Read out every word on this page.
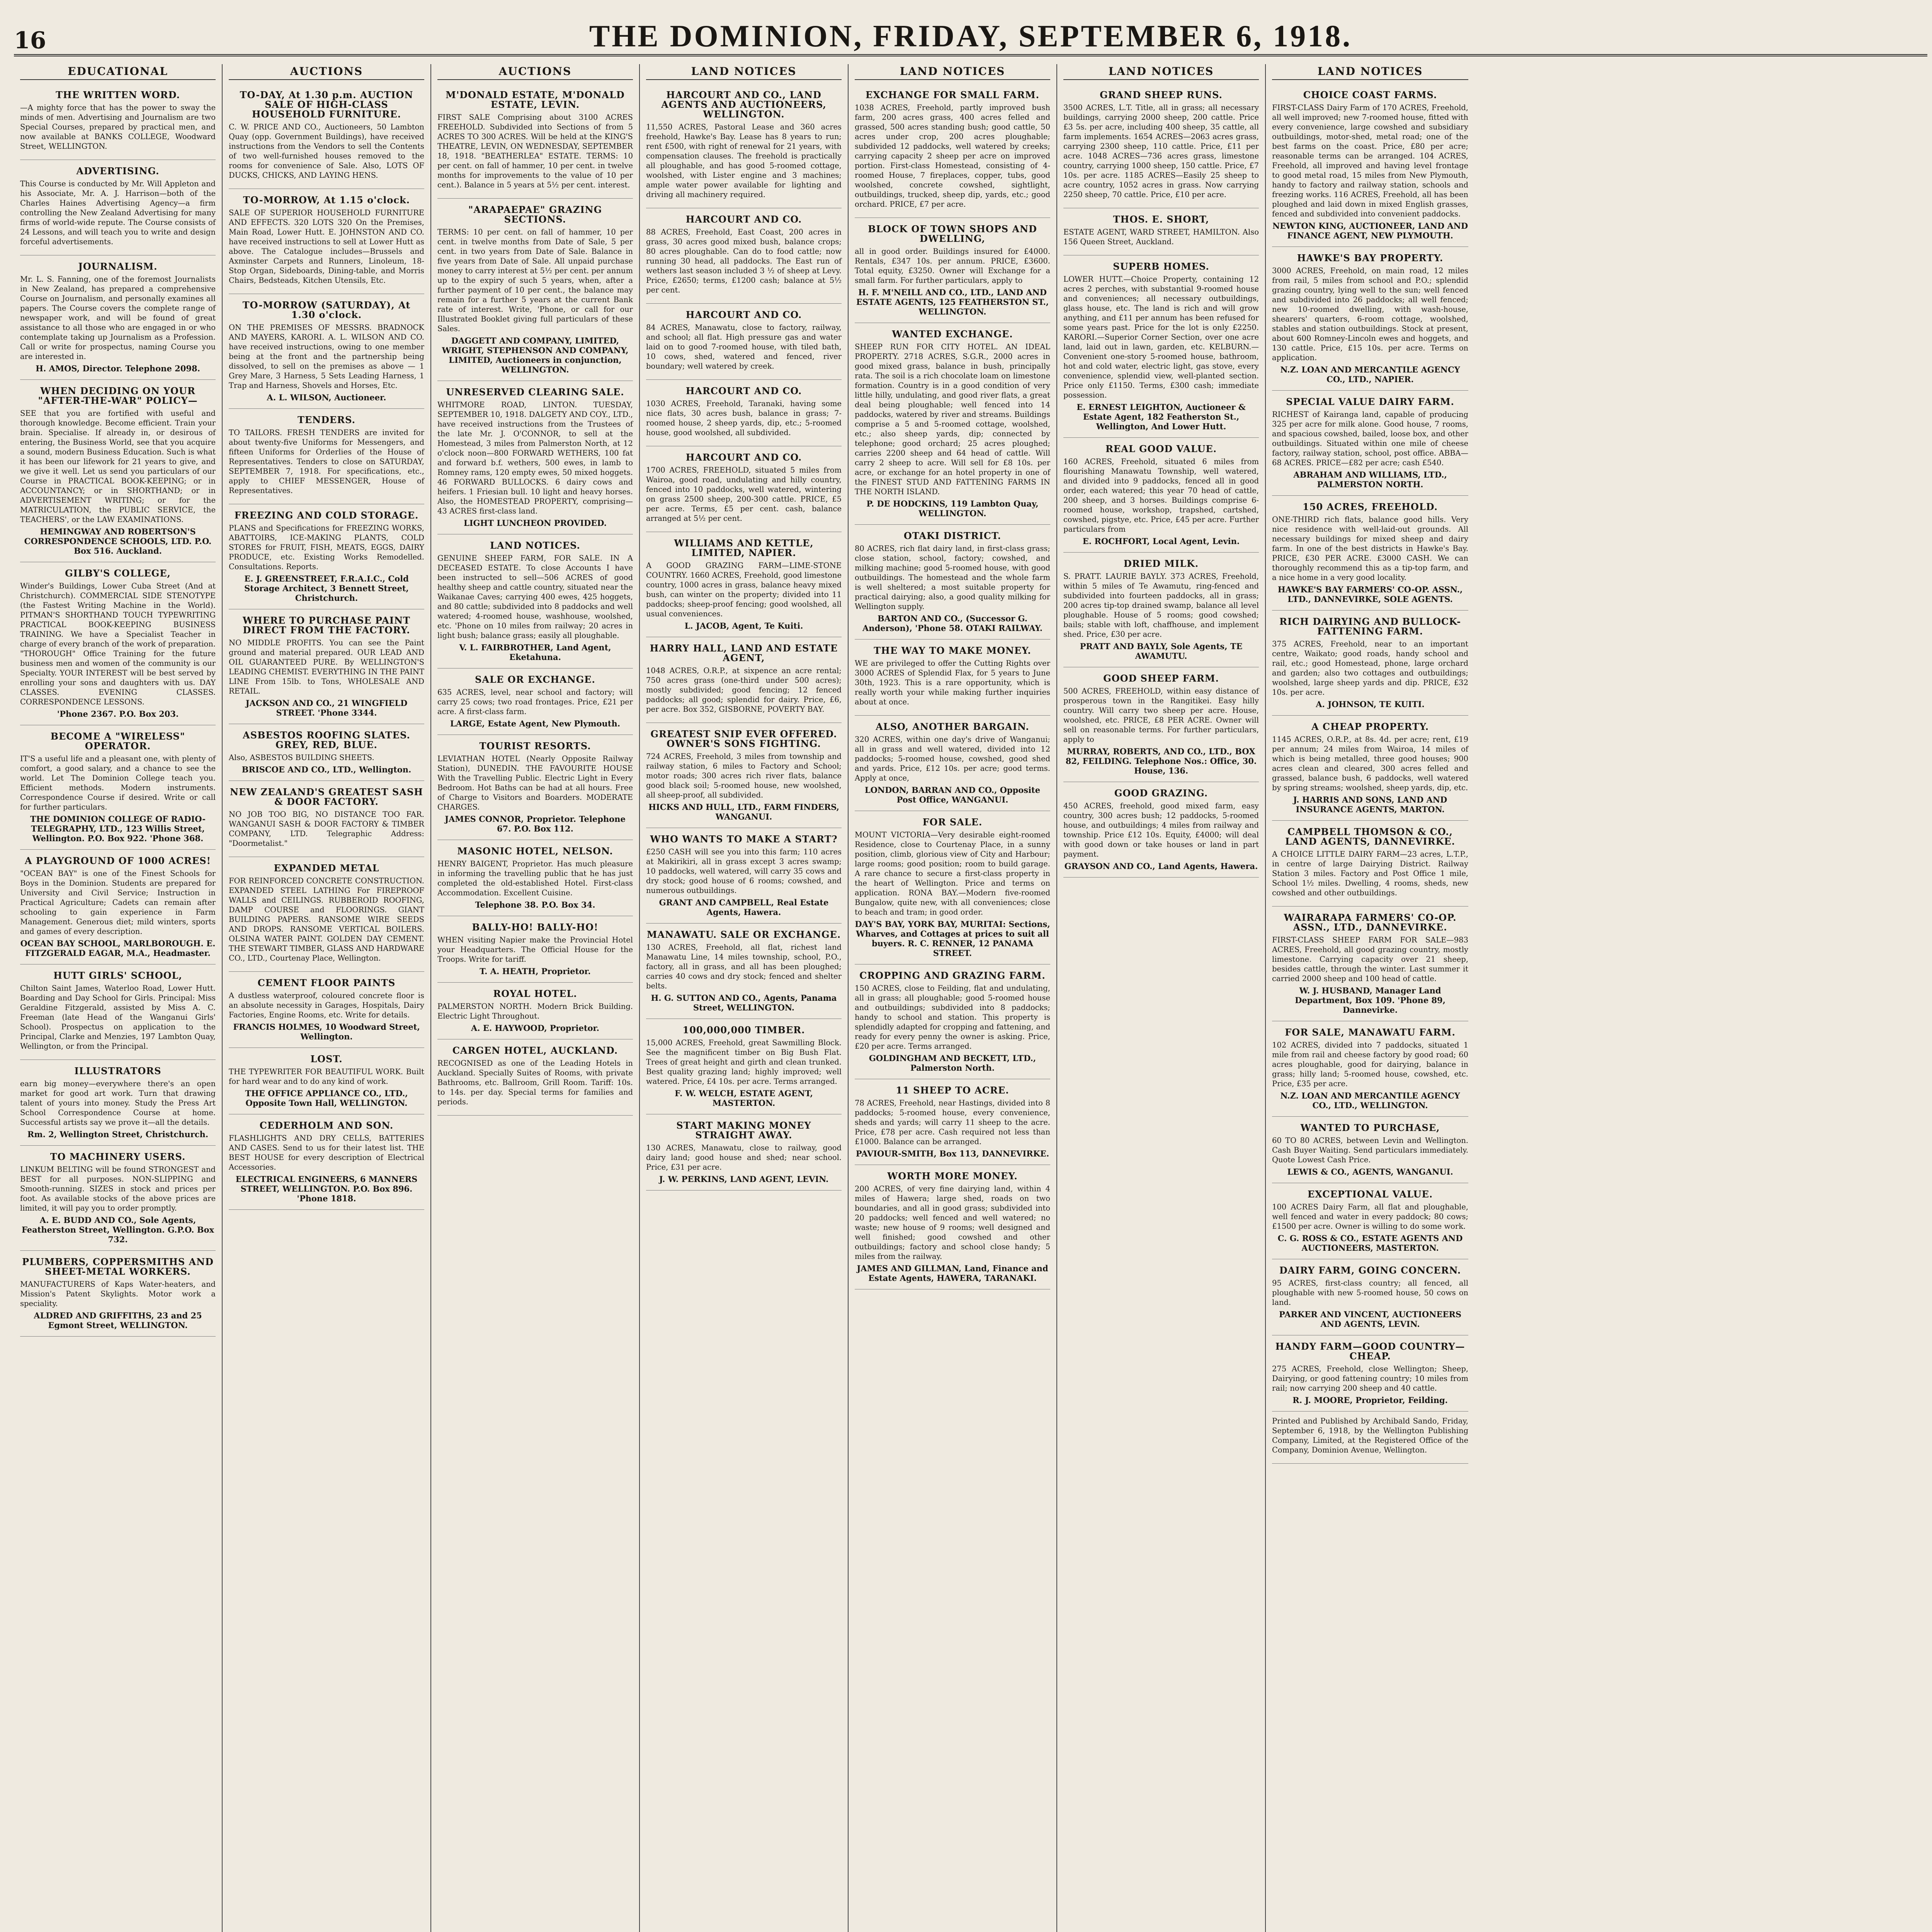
16	THE DOMINION, FRIDAY, SEPTEMBER 6, 1918.
EDUCATIONAL
THE WRITTEN WORD.

—A mighty force that has the power to sway the minds of men. Advertising and Journalism are two Special Courses, prepared by practical men, and now available at BANKS COLLEGE, Woodward Street, WELLINGTON.

ADVERTISING.

This Course is conducted by Mr. Will Appleton and his Associate, Mr. A. J. Harrison—both of the Charles Haines Advertising Agency—a firm controlling the New Zealand Advertising for many firms of world-wide repute. The Course consists of 24 Lessons, and will teach you to write and design forceful advertisements.

JOURNALISM.

Mr. L. S. Fanning, one of the foremost Journalists in New Zealand, has prepared a comprehensive Course on Journalism, and personally examines all papers. The Course covers the complete range of newspaper work, and will be found of great assistance to all those who are engaged in or who contemplate taking up Journalism as a Profession. Call or write for prospectus, naming Course you are interested in.

H. AMOS, Director. Telephone 2098.
WHEN DECIDING ON YOUR "AFTER-THE-WAR" POLICY—

SEE that you are fortified with useful and thorough knowledge. Become efficient. Train your brain. Specialise. If already in, or desirous of entering, the Business World, see that you acquire a sound, modern Business Education. Such is what it has been our lifework for 21 years to give, and we give it well. Let us send you particulars of our Course in PRACTICAL BOOK-KEEPING; or in ACCOUNTANCY; or in SHORTHAND; or in ADVERTISEMENT WRITING; or for the MATRICULATION, the PUBLIC SERVICE, the TEACHERS', or the LAW EXAMINATIONS.

HEMINGWAY AND ROBERTSON'S CORRESPONDENCE SCHOOLS, LTD. P.O. Box 516. Auckland.
GILBY'S COLLEGE,

Winder's Buildings, Lower Cuba Street (And at Christchurch). COMMERCIAL SIDE STENOTYPE (the Fastest Writing Machine in the World). PITMAN'S SHORTHAND TOUCH TYPEWRITING PRACTICAL BOOK-KEEPING BUSINESS TRAINING. We have a Specialist Teacher in charge of every branch of the work of preparation. "THOROUGH" Office Training for the future business men and women of the community is our Specialty. YOUR INTEREST will be best served by enrolling your sons and daughters with us. DAY CLASSES. EVENING CLASSES. CORRESPONDENCE LESSONS.

'Phone 2367. P.O. Box 203.
BECOME A "WIRELESS" OPERATOR.

IT'S a useful life and a pleasant one, with plenty of comfort, a good salary, and a chance to see the world. Let The Dominion College teach you. Efficient methods. Modern instruments. Correspondence Course if desired. Write or call for further particulars.

THE DOMINION COLLEGE OF RADIO-TELEGRAPHY, LTD., 123 Willis Street, Wellington. P.O. Box 922. 'Phone 368.
A PLAYGROUND OF 1000 ACRES!

"OCEAN BAY" is one of the Finest Schools for Boys in the Dominion. Students are prepared for University and Civil Service; Instruction in Practical Agriculture; Cadets can remain after schooling to gain experience in Farm Management. Generous diet; mild winters, sports and games of every description.

OCEAN BAY SCHOOL, MARLBOROUGH. E. FITZGERALD EAGAR, M.A., Headmaster.
HUTT GIRLS' SCHOOL,

Chilton Saint James, Waterloo Road, Lower Hutt. Boarding and Day School for Girls. Principal: Miss Geraldine Fitzgerald, assisted by Miss A. C. Freeman (late Head of the Wanganui Girls' School). Prospectus on application to the Principal, Clarke and Menzies, 197 Lambton Quay, Wellington, or from the Principal.

ILLUSTRATORS

earn big money—everywhere there's an open market for good art work. Turn that drawing talent of yours into money. Study the Press Art School Correspondence Course at home. Successful artists say we prove it—all the details.

Rm. 2, Wellington Street, Christchurch.
TO MACHINERY USERS.

LINKUM BELTING will be found STRONGEST and BEST for all purposes. NON-SLIPPING and Smooth-running. SIZES in stock and prices per foot. As available stocks of the above prices are limited, it will pay you to order promptly.

A. E. BUDD AND CO., Sole Agents, Featherston Street, Wellington. G.P.O. Box 732.
PLUMBERS, COPPERSMITHS AND SHEET-METAL WORKERS.

MANUFACTURERS of Kaps Water-heaters, and Mission's Patent Skylights. Motor work a speciality.

ALDRED AND GRIFFITHS, 23 and 25 Egmont Street, WELLINGTON.
AUCTIONS
TO-DAY, At 1.30 p.m. AUCTION SALE OF HIGH-CLASS HOUSEHOLD FURNITURE.

C. W. PRICE AND CO., Auctioneers, 50 Lambton Quay (opp. Government Buildings), have received instructions from the Vendors to sell the Contents of two well-furnished houses removed to the rooms for convenience of Sale. Also, LOTS OF DUCKS, CHICKS, AND LAYING HENS.

TO-MORROW, At 1.15 o'clock.

SALE OF SUPERIOR HOUSEHOLD FURNITURE AND EFFECTS. 320 LOTS 320 On the Premises, Main Road, Lower Hutt. E. JOHNSTON AND CO. have received instructions to sell at Lower Hutt as above. The Catalogue includes—Brussels and Axminster Carpets and Runners, Linoleum, 18-Stop Organ, Sideboards, Dining-table, and Morris Chairs, Bedsteads, Kitchen Utensils, Etc.

TO-MORROW (SATURDAY), At 1.30 o'clock.

ON THE PREMISES OF MESSRS. BRADNOCK AND MAYERS, KARORI. A. L. WILSON AND CO. have received instructions, owing to one member being at the front and the partnership being dissolved, to sell on the premises as above — 1 Grey Mare, 3 Harness, 5 Sets Leading Harness, 1 Trap and Harness, Shovels and Horses, Etc.

A. L. WILSON, Auctioneer.
TENDERS.

TO TAILORS. FRESH TENDERS are invited for about twenty-five Uniforms for Messengers, and fifteen Uniforms for Orderlies of the House of Representatives. Tenders to close on SATURDAY, SEPTEMBER 7, 1918. For specifications, etc., apply to CHIEF MESSENGER, House of Representatives.

FREEZING AND COLD STORAGE.

PLANS and Specifications for FREEZING WORKS, ABATTOIRS, ICE-MAKING PLANTS, COLD STORES for FRUIT, FISH, MEATS, EGGS, DAIRY PRODUCE, etc. Existing Works Remodelled. Consultations. Reports.

E. J. GREENSTREET, F.R.A.I.C., Cold Storage Architect, 3 Bennett Street, Christchurch.
WHERE TO PURCHASE PAINT DIRECT FROM THE FACTORY.

NO MIDDLE PROFITS. You can see the Paint ground and material prepared. OUR LEAD AND OIL GUARANTEED PURE. By WELLINGTON'S LEADING CHEMIST. EVERYTHING IN THE PAINT LINE From 15lb. to Tons, WHOLESALE AND RETAIL.

JACKSON AND CO., 21 WINGFIELD STREET. 'Phone 3344.
ASBESTOS ROOFING SLATES. GREY, RED, BLUE.

Also, ASBESTOS BUILDING SHEETS.

BRISCOE AND CO., LTD., Wellington.
NEW ZEALAND'S GREATEST SASH & DOOR FACTORY.

NO JOB TOO BIG, NO DISTANCE TOO FAR. WANGANUI SASH & DOOR FACTORY & TIMBER COMPANY, LTD. Telegraphic Address: "Doormetalist."

EXPANDED METAL

FOR REINFORCED CONCRETE CONSTRUCTION. EXPANDED STEEL LATHING For FIREPROOF WALLS and CEILINGS. RUBBEROID ROOFING, DAMP COURSE and FLOORINGS. GIANT BUILDING PAPERS. RANSOME WIRE SEEDS AND DROPS. RANSOME VERTICAL BOILERS. OLSINA WATER PAINT. GOLDEN DAY CEMENT. THE STEWART TIMBER, GLASS AND HARDWARE CO., LTD., Courtenay Place, Wellington.

CEMENT FLOOR PAINTS

A dustless waterproof, coloured concrete floor is an absolute necessity in Garages, Hospitals, Dairy Factories, Engine Rooms, etc. Write for details.

FRANCIS HOLMES, 10 Woodward Street, Wellington.
LOST.

THE TYPEWRITER FOR BEAUTIFUL WORK. Built for hard wear and to do any kind of work.

THE OFFICE APPLIANCE CO., LTD., Opposite Town Hall, WELLINGTON.
CEDERHOLM AND SON.

FLASHLIGHTS AND DRY CELLS, BATTERIES AND CASES. Send to us for their latest list. THE BEST HOUSE for every description of Electrical Accessories.

ELECTRICAL ENGINEERS, 6 MANNERS STREET, WELLINGTON. P.O. Box 896. 'Phone 1818.
AUCTIONS
M'DONALD ESTATE, M'DONALD ESTATE, LEVIN.

FIRST SALE Comprising about 3100 ACRES FREEHOLD. Subdivided into Sections of from 5 ACRES TO 300 ACRES. Will be held at the KING'S THEATRE, LEVIN, ON WEDNESDAY, SEPTEMBER 18, 1918. "BEATHERLEA" ESTATE. TERMS: 10 per cent. on fall of hammer, 10 per cent. in twelve months for improvements to the value of 10 per cent.). Balance in 5 years at 5½ per cent. interest.

"ARAPAEPAE" GRAZING SECTIONS.

TERMS: 10 per cent. on fall of hammer, 10 per cent. in twelve months from Date of Sale, 5 per cent. in two years from Date of Sale. Balance in five years from Date of Sale. All unpaid purchase money to carry interest at 5½ per cent. per annum up to the expiry of such 5 years, when, after a further payment of 10 per cent., the balance may remain for a further 5 years at the current Bank rate of interest. Write, 'Phone, or call for our Illustrated Booklet giving full particulars of these Sales.

DAGGETT AND COMPANY, LIMITED, WRIGHT, STEPHENSON AND COMPANY, LIMITED, Auctioneers in conjunction, WELLINGTON.
UNRESERVED CLEARING SALE.

WHITMORE ROAD, LINTON. TUESDAY, SEPTEMBER 10, 1918. DALGETY AND COY., LTD., have received instructions from the Trustees of the late Mr. J. O'CONNOR, to sell at the Homestead, 3 miles from Palmerston North, at 12 o'clock noon—800 FORWARD WETHERS, 100 fat and forward b.f. wethers, 500 ewes, in lamb to Romney rams, 120 empty ewes, 50 mixed hoggets. 46 FORWARD BULLOCKS. 6 dairy cows and heifers. 1 Friesian bull. 10 light and heavy horses. Also, the HOMESTEAD PROPERTY, comprising—43 ACRES first-class land.

LIGHT LUNCHEON PROVIDED.
LAND NOTICES.

GENUINE SHEEP FARM, FOR SALE. IN A DECEASED ESTATE. To close Accounts I have been instructed to sell—506 ACRES of good healthy sheep and cattle country, situated near the Waikanae Caves; carrying 400 ewes, 425 hoggets, and 80 cattle; subdivided into 8 paddocks and well watered; 4-roomed house, washhouse, woolshed, etc. 'Phone on 10 miles from railway; 20 acres in light bush; balance grass; easily all ploughable.

V. L. FAIRBROTHER, Land Agent, Eketahuna.
SALE OR EXCHANGE.

635 ACRES, level, near school and factory; will carry 25 cows; two road frontages. Price, £21 per acre. A first-class farm.

LARGE, Estate Agent, New Plymouth.
TOURIST RESORTS.

LEVIATHAN HOTEL (Nearly Opposite Railway Station), DUNEDIN. THE FAVOURITE HOUSE With the Travelling Public. Electric Light in Every Bedroom. Hot Baths can be had at all hours. Free of Charge to Visitors and Boarders. MODERATE CHARGES.

JAMES CONNOR, Proprietor. Telephone 67. P.O. Box 112.
MASONIC HOTEL, NELSON.

HENRY BAIGENT, Proprietor. Has much pleasure in informing the travelling public that he has just completed the old-established Hotel. First-class Accommodation. Excellent Cuisine.

Telephone 38. P.O. Box 34.
BALLY-HO! BALLY-HO!

WHEN visiting Napier make the Provincial Hotel your Headquarters. The Official House for the Troops. Write for tariff.

T. A. HEATH, Proprietor.
ROYAL HOTEL.

PALMERSTON NORTH. Modern Brick Building. Electric Light Throughout.

A. E. HAYWOOD, Proprietor.
CARGEN HOTEL, AUCKLAND.

RECOGNISED as one of the Leading Hotels in Auckland. Specially Suites of Rooms, with private Bathrooms, etc. Ballroom, Grill Room. Tariff: 10s. to 14s. per day. Special terms for families and periods.

LAND NOTICES
HARCOURT AND CO., LAND AGENTS AND AUCTIONEERS, WELLINGTON.

11,550 ACRES, Pastoral Lease and 360 acres freehold, Hawke's Bay. Lease has 8 years to run; rent £500, with right of renewal for 21 years, with compensation clauses. The freehold is practically all ploughable, and has good 5-roomed cottage, woolshed, with Lister engine and 3 machines; ample water power available for lighting and driving all machinery required.

HARCOURT AND CO.

88 ACRES, Freehold, East Coast, 200 acres in grass, 30 acres good mixed bush, balance crops; 80 acres ploughable. Can do to food cattle; now running 30 head, all paddocks. The East run of wethers last season included 3 ½ of sheep at Levy. Price, £2650; terms, £1200 cash; balance at 5½ per cent.

HARCOURT AND CO.

84 ACRES, Manawatu, close to factory, railway, and school; all flat. High pressure gas and water laid on to good 7-roomed house, with tiled bath, 10 cows, shed, watered and fenced, river boundary; well watered by creek.

HARCOURT AND CO.

1030 ACRES, Freehold, Taranaki, having some nice flats, 30 acres bush, balance in grass; 7-roomed house, 2 sheep yards, dip, etc.; 5-roomed house, good woolshed, all subdivided.

HARCOURT AND CO.

1700 ACRES, FREEHOLD, situated 5 miles from Wairoa, good road, undulating and hilly country, fenced into 10 paddocks, well watered, wintering on grass 2500 sheep, 200-300 cattle. PRICE, £5 per acre. Terms, £5 per cent. cash, balance arranged at 5½ per cent.

WILLIAMS AND KETTLE, LIMITED, NAPIER.

A GOOD GRAZING FARM—LIME-STONE COUNTRY. 1660 ACRES, Freehold, good limestone country, 1000 acres in grass, balance heavy mixed bush, can winter on the property; divided into 11 paddocks; sheep-proof fencing; good woolshed, all usual conveniences.

L. JACOB, Agent, Te Kuiti.
HARRY HALL, LAND AND ESTATE AGENT,

1048 ACRES, O.R.P., at sixpence an acre rental; 750 acres grass (one-third under 500 acres); mostly subdivided; good fencing; 12 fenced paddocks; all good; splendid for dairy. Price, £6, per acre. Box 352, GISBORNE, POVERTY BAY.

GREATEST SNIP EVER OFFERED. OWNER'S SONS FIGHTING.

724 ACRES, Freehold, 3 miles from township and railway station, 6 miles to Factory and School; motor roads; 300 acres rich river flats, balance good black soil; 5-roomed house, new woolshed, all sheep-proof, all subdivided.

HICKS AND HULL, LTD., FARM FINDERS, WANGANUI.
WHO WANTS TO MAKE A START?

£250 CASH will see you into this farm; 110 acres at Makirikiri, all in grass except 3 acres swamp; 10 paddocks, well watered, will carry 35 cows and dry stock; good house of 6 rooms; cowshed, and numerous outbuildings.

GRANT AND CAMPBELL, Real Estate Agents, Hawera.
MANAWATU. SALE OR EXCHANGE.

130 ACRES, Freehold, all flat, richest land Manawatu Line, 14 miles township, school, P.O., factory, all in grass, and all has been ploughed; carries 40 cows and dry stock; fenced and shelter belts.

H. G. SUTTON AND CO., Agents, Panama Street, WELLINGTON.
100,000,000 TIMBER.

15,000 ACRES, Freehold, great Sawmilling Block. See the magnificent timber on Big Bush Flat. Trees of great height and girth and clean trunked. Best quality grazing land; highly improved; well watered. Price, £4 10s. per acre. Terms arranged.

F. W. WELCH, ESTATE AGENT, MASTERTON.
START MAKING MONEY STRAIGHT AWAY.

130 ACRES, Manawatu, close to railway, good dairy land; good house and shed; near school. Price, £31 per acre.

J. W. PERKINS, LAND AGENT, LEVIN.
LAND NOTICES
EXCHANGE FOR SMALL FARM.

1038 ACRES, Freehold, partly improved bush farm, 200 acres grass, 400 acres felled and grassed, 500 acres standing bush; good cattle, 50 acres under crop, 200 acres ploughable; subdivided 12 paddocks, well watered by creeks; carrying capacity 2 sheep per acre on improved portion. First-class Homestead, consisting of 4-roomed House, 7 fireplaces, copper, tubs, good woolshed, concrete cowshed, sightlight, outbuildings, trucked, sheep dip, yards, etc.; good orchard. PRICE, £7 per acre.

BLOCK OF TOWN SHOPS AND DWELLING,

all in good order. Buildings insured for £4000. Rentals, £347 10s. per annum. PRICE, £3600. Total equity, £3250. Owner will Exchange for a small farm. For further particulars, apply to

H. F. M'NEILL AND CO., LTD., LAND AND ESTATE AGENTS, 125 FEATHERSTON ST., WELLINGTON.
WANTED EXCHANGE.

SHEEP RUN FOR CITY HOTEL. AN IDEAL PROPERTY. 2718 ACRES, S.G.R., 2000 acres in good mixed grass, balance in bush, principally rata. The soil is a rich chocolate loam on limestone formation. Country is in a good condition of very little hilly, undulating, and good river flats, a great deal being ploughable; well fenced into 14 paddocks, watered by river and streams. Buildings comprise a 5 and 5-roomed cottage, woolshed, etc.; also sheep yards, dip; connected by telephone; good orchard; 25 acres ploughed; carries 2200 sheep and 64 head of cattle. Will carry 2 sheep to acre. Will sell for £8 10s. per acre, or exchange for an hotel property in one of the FINEST STUD AND FATTENING FARMS IN THE NORTH ISLAND.

P. DE HODCKINS, 119 Lambton Quay, WELLINGTON.
OTAKI DISTRICT.

80 ACRES, rich flat dairy land, in first-class grass; close station, school, factory; cowshed, and milking machine; good 5-roomed house, with good outbuildings. The homestead and the whole farm is well sheltered; a most suitable property for practical dairying; also, a good quality milking for Wellington supply.

BARTON AND CO., (Successor G. Anderson), 'Phone 58. OTAKI RAILWAY.
THE WAY TO MAKE MONEY.

WE are privileged to offer the Cutting Rights over 3000 ACRES of Splendid Flax, for 5 years to June 30th, 1923. This is a rare opportunity, which is really worth your while making further inquiries about at once.

ALSO, ANOTHER BARGAIN.

320 ACRES, within one day's drive of Wanganui; all in grass and well watered, divided into 12 paddocks; 5-roomed house, cowshed, good shed and yards. Price, £12 10s. per acre; good terms. Apply at once,

LONDON, BARRAN AND CO., Opposite Post Office, WANGANUI.
FOR SALE.

MOUNT VICTORIA—Very desirable eight-roomed Residence, close to Courtenay Place, in a sunny position, climb, glorious view of City and Harbour; large rooms; good position; room to build garage. A rare chance to secure a first-class property in the heart of Wellington. Price and terms on application. RONA BAY.—Modern five-roomed Bungalow, quite new, with all conveniences; close to beach and tram; in good order.

DAY'S BAY, YORK BAY, MURITAI: Sections, Wharves, and Cottages at prices to suit all buyers. R. C. RENNER, 12 PANAMA STREET.
CROPPING AND GRAZING FARM.

150 ACRES, close to Feilding, flat and undulating, all in grass; all ploughable; good 5-roomed house and outbuildings; subdivided into 8 paddocks; handy to school and station. This property is splendidly adapted for cropping and fattening, and ready for every penny the owner is asking. Price, £20 per acre. Terms arranged.

GOLDINGHAM AND BECKETT, LTD., Palmerston North.
11 SHEEP TO ACRE.

78 ACRES, Freehold, near Hastings, divided into 8 paddocks; 5-roomed house, every convenience, sheds and yards; will carry 11 sheep to the acre. Price, £78 per acre. Cash required not less than £1000. Balance can be arranged.

PAVIOUR-SMITH, Box 113, DANNEVIRKE.
WORTH MORE MONEY.

200 ACRES, of very fine dairying land, within 4 miles of Hawera; large shed, roads on two boundaries, and all in good grass; subdivided into 20 paddocks; well fenced and well watered; no waste; new house of 9 rooms; well designed and well finished; good cowshed and other outbuildings; factory and school close handy; 5 miles from the railway.

JAMES AND GILLMAN, Land, Finance and Estate Agents, HAWERA, TARANAKI.
LAND NOTICES
GRAND SHEEP RUNS.

3500 ACRES, L.T. Title, all in grass; all necessary buildings, carrying 2000 sheep, 200 cattle. Price £3 5s. per acre, including 400 sheep, 35 cattle, all farm implements. 1654 ACRES—2063 acres grass, carrying 2300 sheep, 110 cattle. Price, £11 per acre. 1048 ACRES—736 acres grass, limestone country, carrying 1000 sheep, 150 cattle. Price, £7 10s. per acre. 1185 ACRES—Easily 25 sheep to acre country, 1052 acres in grass. Now carrying 2250 sheep, 70 cattle. Price, £10 per acre.

THOS. E. SHORT,

ESTATE AGENT, WARD STREET, HAMILTON. Also 156 Queen Street, Auckland.

SUPERB HOMES.

LOWER HUTT.—Choice Property, containing 12 acres 2 perches, with substantial 9-roomed house and conveniences; all necessary outbuildings, glass house, etc. The land is rich and will grow anything, and £11 per annum has been refused for some years past. Price for the lot is only £2250. KARORI.—Superior Corner Section, over one acre land, laid out in lawn, garden, etc. KELBURN.—Convenient one-story 5-roomed house, bathroom, hot and cold water, electric light, gas stove, every convenience, splendid view, well-planted section. Price only £1150. Terms, £300 cash; immediate possession.

E. ERNEST LEIGHTON, Auctioneer & Estate Agent, 182 Featherston St., Wellington, And Lower Hutt.
REAL GOOD VALUE.

160 ACRES, Freehold, situated 6 miles from flourishing Manawatu Township, well watered, and divided into 9 paddocks, fenced all in good order, each watered; this year 70 head of cattle, 200 sheep, and 3 horses. Buildings comprise 6-roomed house, workshop, trapshed, cartshed, cowshed, pigstye, etc. Price, £45 per acre. Further particulars from

E. ROCHFORT, Local Agent, Levin.
DRIED MILK.

S. PRATT. LAURIE BAYLY. 373 ACRES, Freehold, within 5 miles of Te Awamutu, ring-fenced and subdivided into fourteen paddocks, all in grass; 200 acres tip-top drained swamp, balance all level ploughable. House of 5 rooms; good cowshed; bails; stable with loft, chaffhouse, and implement shed. Price, £30 per acre.

PRATT AND BAYLY, Sole Agents, TE AWAMUTU.
GOOD SHEEP FARM.

500 ACRES, FREEHOLD, within easy distance of prosperous town in the Rangitikei. Easy hilly country. Will carry two sheep per acre. House, woolshed, etc. PRICE, £8 PER ACRE. Owner will sell on reasonable terms. For further particulars, apply to

MURRAY, ROBERTS, AND CO., LTD., BOX 82, FEILDING. Telephone Nos.: Office, 30. House, 136.
GOOD GRAZING.

450 ACRES, freehold, good mixed farm, easy country, 300 acres bush; 12 paddocks, 5-roomed house, and outbuildings; 4 miles from railway and township. Price £12 10s. Equity, £4000; will deal with good down or take houses or land in part payment.

GRAYSON AND CO., Land Agents, Hawera.
LAND NOTICES
CHOICE COAST FARMS.

FIRST-CLASS Dairy Farm of 170 ACRES, Freehold, all well improved; new 7-roomed house, fitted with every convenience, large cowshed and subsidiary outbuildings, motor-shed, metal road; one of the best farms on the coast. Price, £80 per acre; reasonable terms can be arranged. 104 ACRES, Freehold, all improved and having level frontage to good metal road, 15 miles from New Plymouth, handy to factory and railway station, schools and freezing works. 116 ACRES, Freehold, all has been ploughed and laid down in mixed English grasses, fenced and subdivided into convenient paddocks.

NEWTON KING, AUCTIONEER, LAND AND FINANCE AGENT, NEW PLYMOUTH.
HAWKE'S BAY PROPERTY.

3000 ACRES, Freehold, on main road, 12 miles from rail, 5 miles from school and P.O.; splendid grazing country, lying well to the sun; well fenced and subdivided into 26 paddocks; all well fenced; new 10-roomed dwelling, with wash-house, shearers' quarters, 6-room cottage, woolshed, stables and station outbuildings. Stock at present, about 600 Romney-Lincoln ewes and hoggets, and 130 cattle. Price, £15 10s. per acre. Terms on application.

N.Z. LOAN AND MERCANTILE AGENCY CO., LTD., NAPIER.
SPECIAL VALUE DAIRY FARM.

RICHEST of Kairanga land, capable of producing 325 per acre for milk alone. Good house, 7 rooms, and spacious cowshed, bailed, loose box, and other outbuildings. Situated within one mile of cheese factory, railway station, school, post office. ABBA—68 ACRES. PRICE—£82 per acre; cash £540.

ABRAHAM AND WILLIAMS, LTD., PALMERSTON NORTH.
150 ACRES, FREEHOLD.

ONE-THIRD rich flats, balance good hills. Very nice residence with well-laid-out grounds. All necessary buildings for mixed sheep and dairy farm. In one of the best districts in Hawke's Bay. PRICE, £30 PER ACRE. £3000 CASH. We can thoroughly recommend this as a tip-top farm, and a nice home in a very good locality.

HAWKE'S BAY FARMERS' CO-OP. ASSN., LTD., DANNEVIRKE, SOLE AGENTS.
RICH DAIRYING AND BULLOCK-FATTENING FARM.

375 ACRES, Freehold, near to an important centre, Waikato; good roads, handy school and rail, etc.; good Homestead, phone, large orchard and garden; also two cottages and outbuildings; woolshed, large sheep yards and dip. PRICE, £32 10s. per acre.

A. JOHNSON, TE KUITI.
A CHEAP PROPERTY.

1145 ACRES, O.R.P., at 8s. 4d. per acre; rent, £19 per annum; 24 miles from Wairoa, 14 miles of which is being metalled, three good houses; 900 acres clean and cleared, 300 acres felled and grassed, balance bush, 6 paddocks, well watered by spring streams; woolshed, sheep yards, dip, etc.

J. HARRIS AND SONS, LAND AND INSURANCE AGENTS, MARTON.
CAMPBELL THOMSON & CO., LAND AGENTS, DANNEVIRKE.

A CHOICE LITTLE DAIRY FARM—23 acres, L.T.P., in centre of large Dairying District. Railway Station 3 miles. Factory and Post Office 1 mile, School 1½ miles. Dwelling, 4 rooms, sheds, new cowshed and other outbuildings.

WAIRARAPA FARMERS' CO-OP. ASSN., LTD., DANNEVIRKE.

FIRST-CLASS SHEEP FARM FOR SALE—983 ACRES, Freehold, all good grazing country, mostly limestone. Carrying capacity over 21 sheep, besides cattle, through the winter. Last summer it carried 2000 sheep and 100 head of cattle.

W. J. HUSBAND, Manager Land Department, Box 109. 'Phone 89, Dannevirke.
FOR SALE, MANAWATU FARM.

102 ACRES, divided into 7 paddocks, situated 1 mile from rail and cheese factory by good road; 60 acres ploughable, good for dairying, balance in grass; hilly land; 5-roomed house, cowshed, etc. Price, £35 per acre.

N.Z. LOAN AND MERCANTILE AGENCY CO., LTD., WELLINGTON.
WANTED TO PURCHASE,

60 TO 80 ACRES, between Levin and Wellington. Cash Buyer Waiting. Send particulars immediately. Quote Lowest Cash Price.

LEWIS & CO., AGENTS, WANGANUI.
EXCEPTIONAL VALUE.

100 ACRES Dairy Farm, all flat and ploughable, well fenced and water in every paddock; 80 cows; £1500 per acre. Owner is willing to do some work.

C. G. ROSS & CO., ESTATE AGENTS AND AUCTIONEERS, MASTERTON.
DAIRY FARM, GOING CONCERN.

95 ACRES, first-class country; all fenced, all ploughable with new 5-roomed house, 50 cows on land.

PARKER AND VINCENT, AUCTIONEERS AND AGENTS, LEVIN.
HANDY FARM—GOOD COUNTRY—CHEAP.

275 ACRES, Freehold, close Wellington; Sheep, Dairying, or good fattening country; 10 miles from rail; now carrying 200 sheep and 40 cattle.

R. J. MOORE, Proprietor, Feilding.

Printed and Published by Archibald Sando, Friday, September 6, 1918, by the Wellington Publishing Company, Limited, at the Registered Office of the Company, Dominion Avenue, Wellington.
